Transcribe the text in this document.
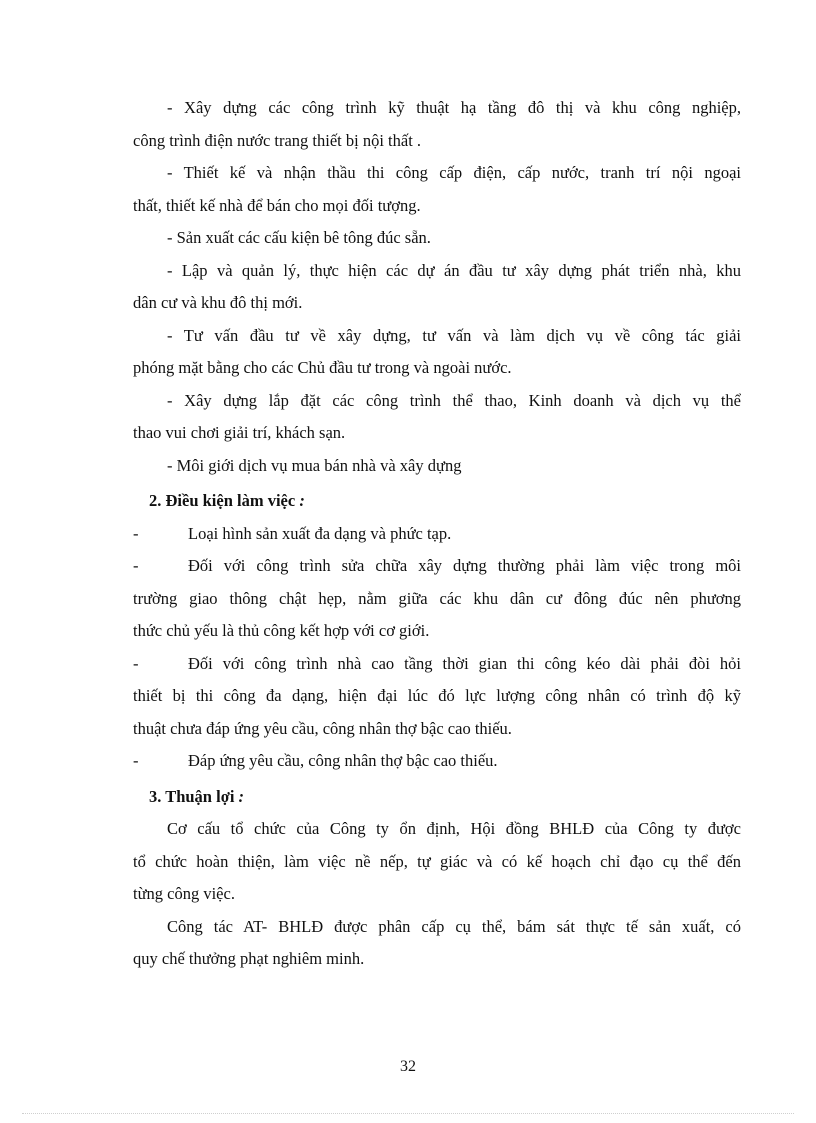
- Xây dựng các công trình kỹ thuật hạ tầng đô thị và khu công nghiệp,
công trình điện nước trang thiết bị nội thất .
- Thiết kế và nhận thầu thi công cấp điện, cấp nước, tranh trí nội ngoại
thất, thiết kế nhà để bán cho mọi đối tượng.
- Sản xuất các cấu kiện bê tông đúc sẵn.
- Lập và quản lý, thực hiện các dự án đầu tư xây dựng phát triển nhà, khu
dân cư và khu đô thị mới.
- Tư vấn đầu tư về xây dựng, tư vấn và làm dịch vụ về công tác giải
phóng mặt bằng cho các Chủ đầu tư trong và ngoài nước.
- Xây dựng lắp đặt các công trình thể thao, Kinh doanh và dịch vụ thể
thao vui chơi giải trí, khách sạn.
- Môi giới dịch vụ mua bán nhà và xây dựng
2. Điều kiện làm việc :
-	Loại hình sản xuất đa dạng và phức tạp.
-	Đối với công trình sửa chữa xây dựng thường phải làm việc trong môi
trường giao thông chật hẹp, nằm giữa các khu dân cư đông đúc nên phương
thức chủ yếu là thủ công kết hợp với cơ giới.
-	Đối với công trình nhà cao tầng thời gian thi công kéo dài phải đòi hỏi
thiết bị thi công đa dạng, hiện đại lúc đó lực lượng công nhân có trình độ kỹ
thuật chưa đáp ứng yêu cầu, công nhân thợ bậc cao thiếu.
-	Đáp ứng yêu cầu, công nhân thợ bậc cao thiếu.
3. Thuận lợi :
Cơ cấu tổ chức của Công ty ổn định, Hội đồng BHLĐ của Công ty được
tổ chức hoàn thiện, làm việc nề nếp, tự giác và có kế hoạch chỉ đạo cụ thể đến
từng công việc.
Công tác AT- BHLĐ được phân cấp cụ thể, bám sát thực tế sản xuất, có
quy chế thưởng phạt nghiêm minh.
32
